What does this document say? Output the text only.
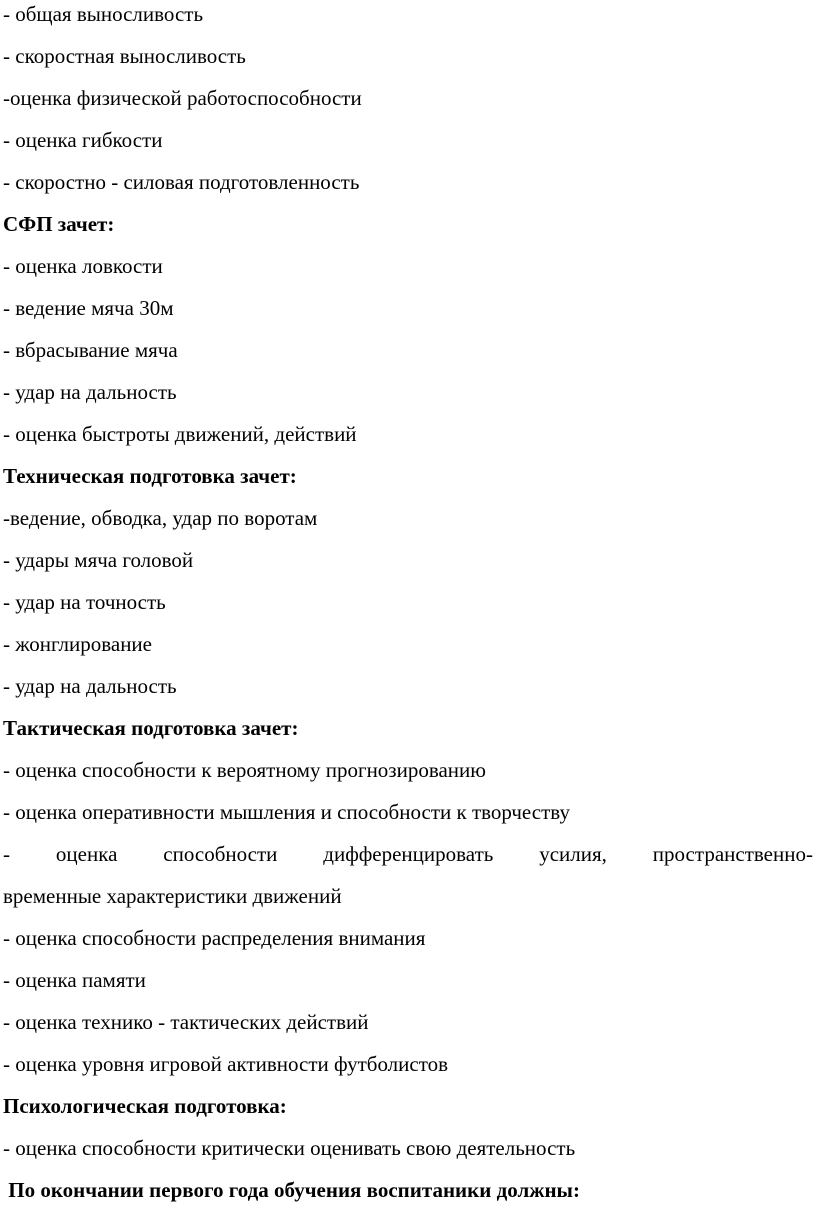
- общая выносливость
- скоростная выносливость
-оценка физической работоспособности
- оценка гибкости
- скоростно - силовая подготовленность
СФП зачет:
- оценка ловкости
- ведение мяча 30м
- вбрасывание мяча
- удар на дальность
- оценка быстроты движений, действий
Техническая подготовка зачет:
-ведение, обводка, удар по воротам
- удары мяча головой
- удар на точность
- жонглирование
- удар на дальность
Тактическая подготовка зачет:
- оценка способности к вероятному прогнозированию
- оценка оперативности мышления и способности к творчеству
- оценка способности дифференцировать усилия, пространственно-
временные характеристики движений
- оценка способности распределения внимания
- оценка памяти
- оценка технико - тактических действий
- оценка уровня игровой активности футболистов
Психологическая подготовка:
- оценка способности критически оценивать свою деятельность
По окончании первого года обучения воспитаники должны:
